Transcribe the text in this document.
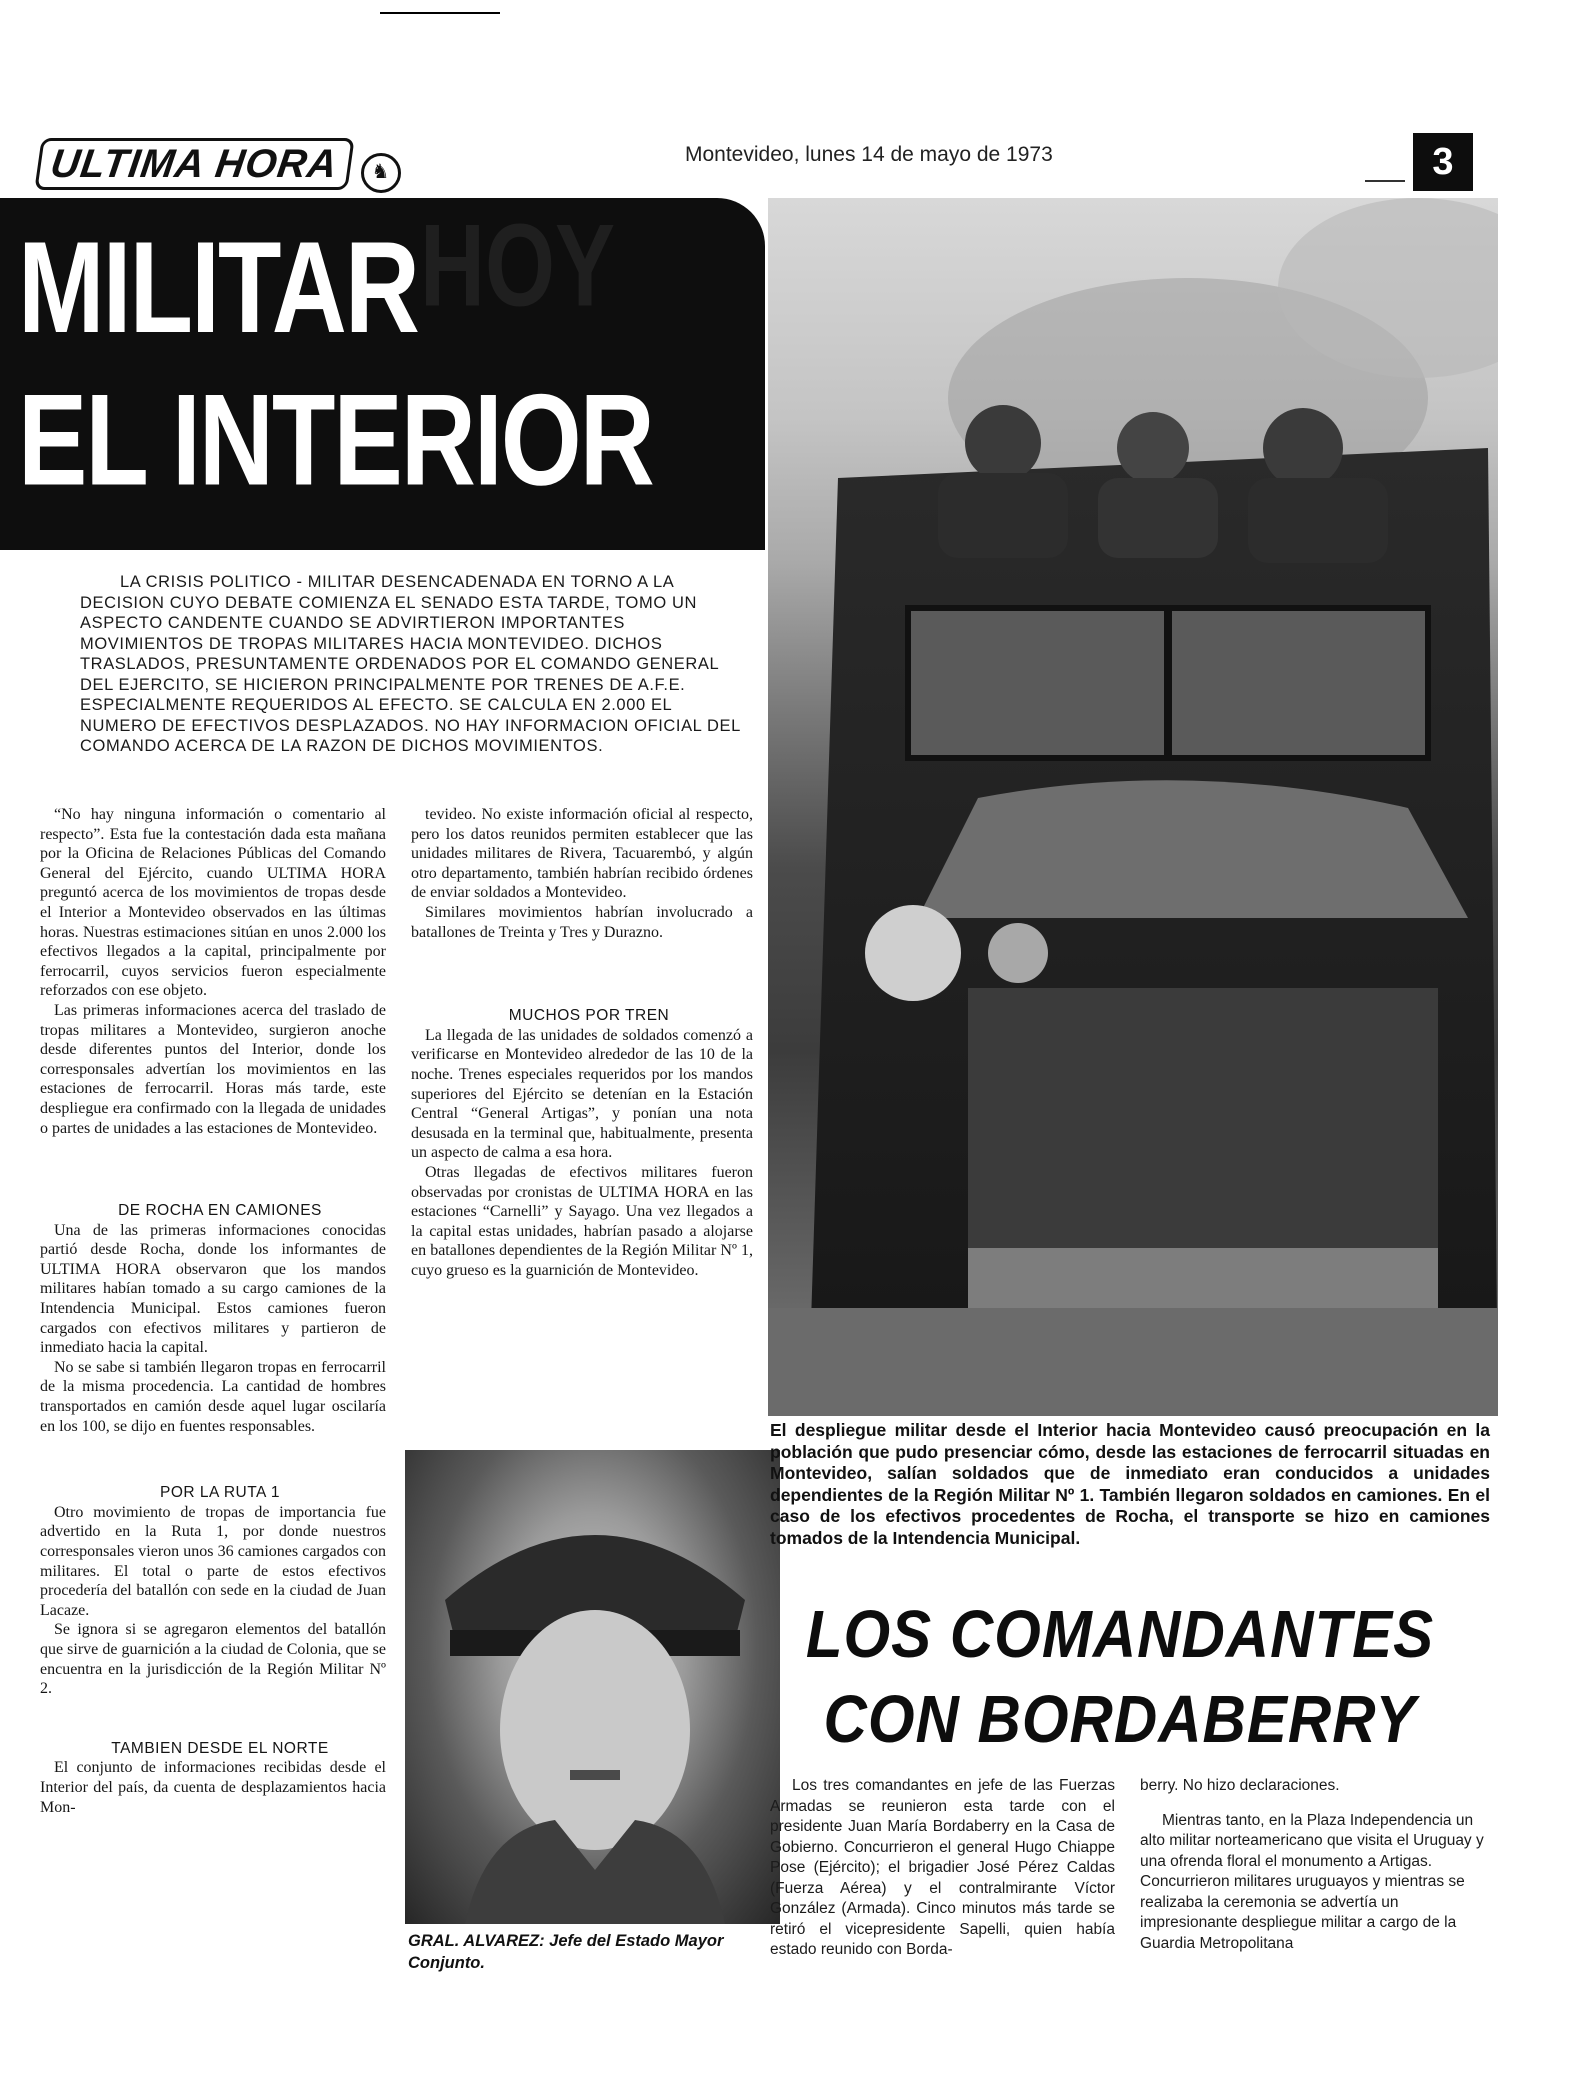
ULTIMA HORA ♞
Montevideo, lunes 14 de mayo de 1973	3
HOY
MILITAR
EL INTERIOR
LA CRISIS POLITICO - MILITAR DESENCADENADA EN TORNO A LA DECISION CUYO DEBATE COMIENZA EL SENADO ESTA TARDE, TOMO UN ASPECTO CANDENTE CUANDO SE ADVIRTIERON IMPORTANTES MOVIMIENTOS DE TROPAS MILITARES HACIA MONTEVIDEO. DICHOS TRASLADOS, PRESUNTAMENTE ORDENADOS POR EL COMANDO GENERAL DEL EJERCITO, SE HICIERON PRINCIPALMENTE POR TRENES DE A.F.E. ESPECIALMENTE REQUERIDOS AL EFECTO. SE CALCULA EN 2.000 EL NUMERO DE EFECTIVOS DESPLAZADOS. NO HAY INFORMACION OFICIAL DEL COMANDO ACERCA DE LA RAZON DE DICHOS MOVIMIENTOS.

“No hay ninguna información o comentario al respecto”. Esta fue la contestación dada esta mañana por la Oficina de Relaciones Públicas del Comando General del Ejército, cuando ULTIMA HORA preguntó acerca de los movimientos de tropas desde el Interior a Montevideo observados en las últimas horas. Nuestras estimaciones sitúan en unos 2.000 los efectivos llegados a la capital, principalmente por ferrocarril, cuyos servicios fueron especialmente reforzados con ese objeto.

Las primeras informaciones acerca del traslado de tropas militares a Montevideo, surgieron anoche desde diferentes puntos del Interior, donde los corresponsales advertían los movimientos en las estaciones de ferrocarril. Horas más tarde, este despliegue era confirmado con la llegada de unidades o partes de unidades a las estaciones de Montevideo.

DE ROCHA EN CAMIONES

Una de las primeras informaciones conocidas partió desde Rocha, donde los informantes de ULTIMA HORA observaron que los mandos militares habían tomado a su cargo camiones de la Intendencia Municipal. Estos camiones fueron cargados con efectivos militares y partieron de inmediato hacia la capital.

No se sabe si también llegaron tropas en ferrocarril de la misma procedencia. La cantidad de hombres transportados en camión desde aquel lugar oscilaría en los 100, se dijo en fuentes responsables.

POR LA RUTA 1

Otro movimiento de tropas de importancia fue advertido en la Ruta 1, por donde nuestros corresponsales vieron unos 36 camiones cargados con militares. El total o parte de estos efectivos procedería del batallón con sede en la ciudad de Juan Lacaze.

Se ignora si se agregaron elementos del batallón que sirve de guarnición a la ciudad de Colonia, que se encuentra en la jurisdicción de la Región Militar Nº 2.

TAMBIEN DESDE EL NORTE

El conjunto de informaciones recibidas desde el Interior del país, da cuenta de desplazamientos hacia Mon-

tevideo. No existe información oficial al respecto, pero los datos reunidos permiten establecer que las unidades militares de Rivera, Tacuarembó, y algún otro departamento, también habrían recibido órdenes de enviar soldados a Montevideo.

Similares movimientos habrían involucrado a batallones de Treinta y Tres y Durazno.

MUCHOS POR TREN

La llegada de las unidades de soldados comenzó a verificarse en Montevideo alrededor de las 10 de la noche. Trenes especiales requeridos por los mandos superiores del Ejército se detenían en la Estación Central “General Artigas”, y ponían una nota desusada en la terminal que, habitualmente, presenta un aspecto de calma a esa hora.

Otras llegadas de efectivos militares fueron observadas por cronistas de ULTIMA HORA en las estaciones “Carnelli” y Sayago. Una vez llegados a la capital estas unidades, habrían pasado a alojarse en batallones dependientes de la Región Militar Nº 1, cuyo grueso es la guarnición de Montevideo.

GRAL. ALVAREZ: Jefe del Estado Mayor Conjunto.
El despliegue militar desde el Interior hacia Montevideo causó preocupación en la población que pudo presenciar cómo, desde las estaciones de ferrocarril situadas en Montevideo, salían soldados que de inmediato eran conducidos a unidades dependientes de la Región Militar Nº 1. También llegaron soldados en camiones. En el caso de los efectivos procedentes de Rocha, el transporte se hizo en camiones tomados de la Intendencia Municipal.
LOS COMANDANTES
CON BORDABERRY

Los tres comandantes en jefe de las Fuerzas Armadas se reunieron esta tarde con el presidente Juan María Bordaberry en la Casa de Gobierno. Concurrieron el general Hugo Chiappe Pose (Ejército); el brigadier José Pérez Caldas (Fuerza Aérea) y el contralmirante Víctor González (Armada). Cinco minutos más tarde se retiró el vicepresidente Sapelli, quien había estado reunido con Borda-

berry. No hizo declaraciones.

Mientras tanto, en la Plaza Independencia un alto militar norteamericano que visita el Uruguay y una ofrenda floral el monumento a Artigas. Concurrieron militares uruguayos y mientras se realizaba la ceremonia se advertía un impresionante despliegue militar a cargo de la Guardia Metropolitana
